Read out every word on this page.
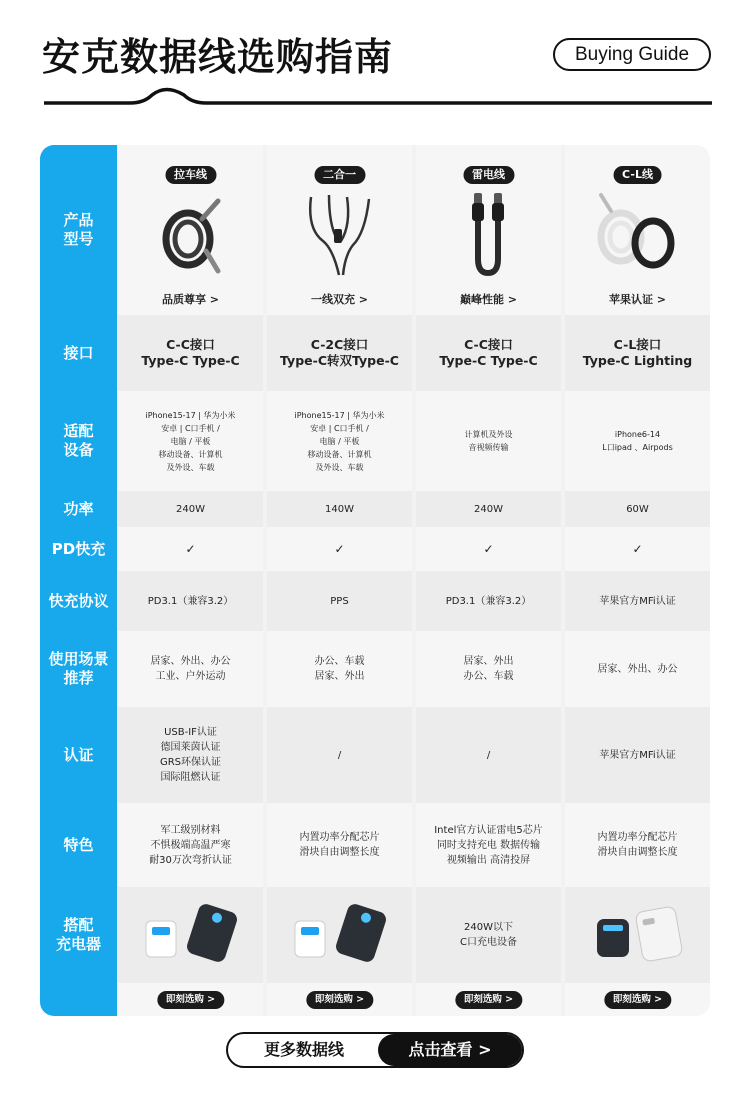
安克数据线选购指南	Buying Guide
产品
型号
接口
适配
设备
功率
PD快充
快充协议
使用场景
推荐
认证
特色
搭配
充电器
拉车线
品质尊享 >
C-C接口
Type-C Type-C
iPhone15-17 | 华为小米
安卓 | C口手机 /
电脑 / 平板
移动设备、计算机
及外设、车载
240W
✓
PD3.1（兼容3.2）
居家、外出、办公
工业、户外运动
USB-IF认证
德国莱茵认证
GRS环保认证
国际阻燃认证
军工级别材料
不惧极端高温严寒
耐30万次弯折认证
即刻选购 >
二合一
一线双充 >
C-2C接口
Type-C转双Type-C
iPhone15-17 | 华为小米
安卓 | C口手机 /
电脑 / 平板
移动设备、计算机
及外设、车载
140W
✓
PPS
办公、车载
居家、外出
/
内置功率分配芯片
滑块自由调整长度
即刻选购 >
雷电线
巅峰性能 >
C-C接口
Type-C Type-C
计算机及外设
音视频传输
240W
✓
PD3.1（兼容3.2）
居家、外出
办公、车载
/
Intel官方认证雷电5芯片
同时支持充电 数据传输
视频输出 高清投屏
240W以下
C口充电设备
即刻选购 >
C-L线
苹果认证 >
C-L接口
Type-C Lighting
iPhone6-14
L口ipad 、Airpods
60W
✓
苹果官方MFi认证
居家、外出、办公
苹果官方MFi认证
内置功率分配芯片
滑块自由调整长度
即刻选购 >
更多数据线	点击查看 >
